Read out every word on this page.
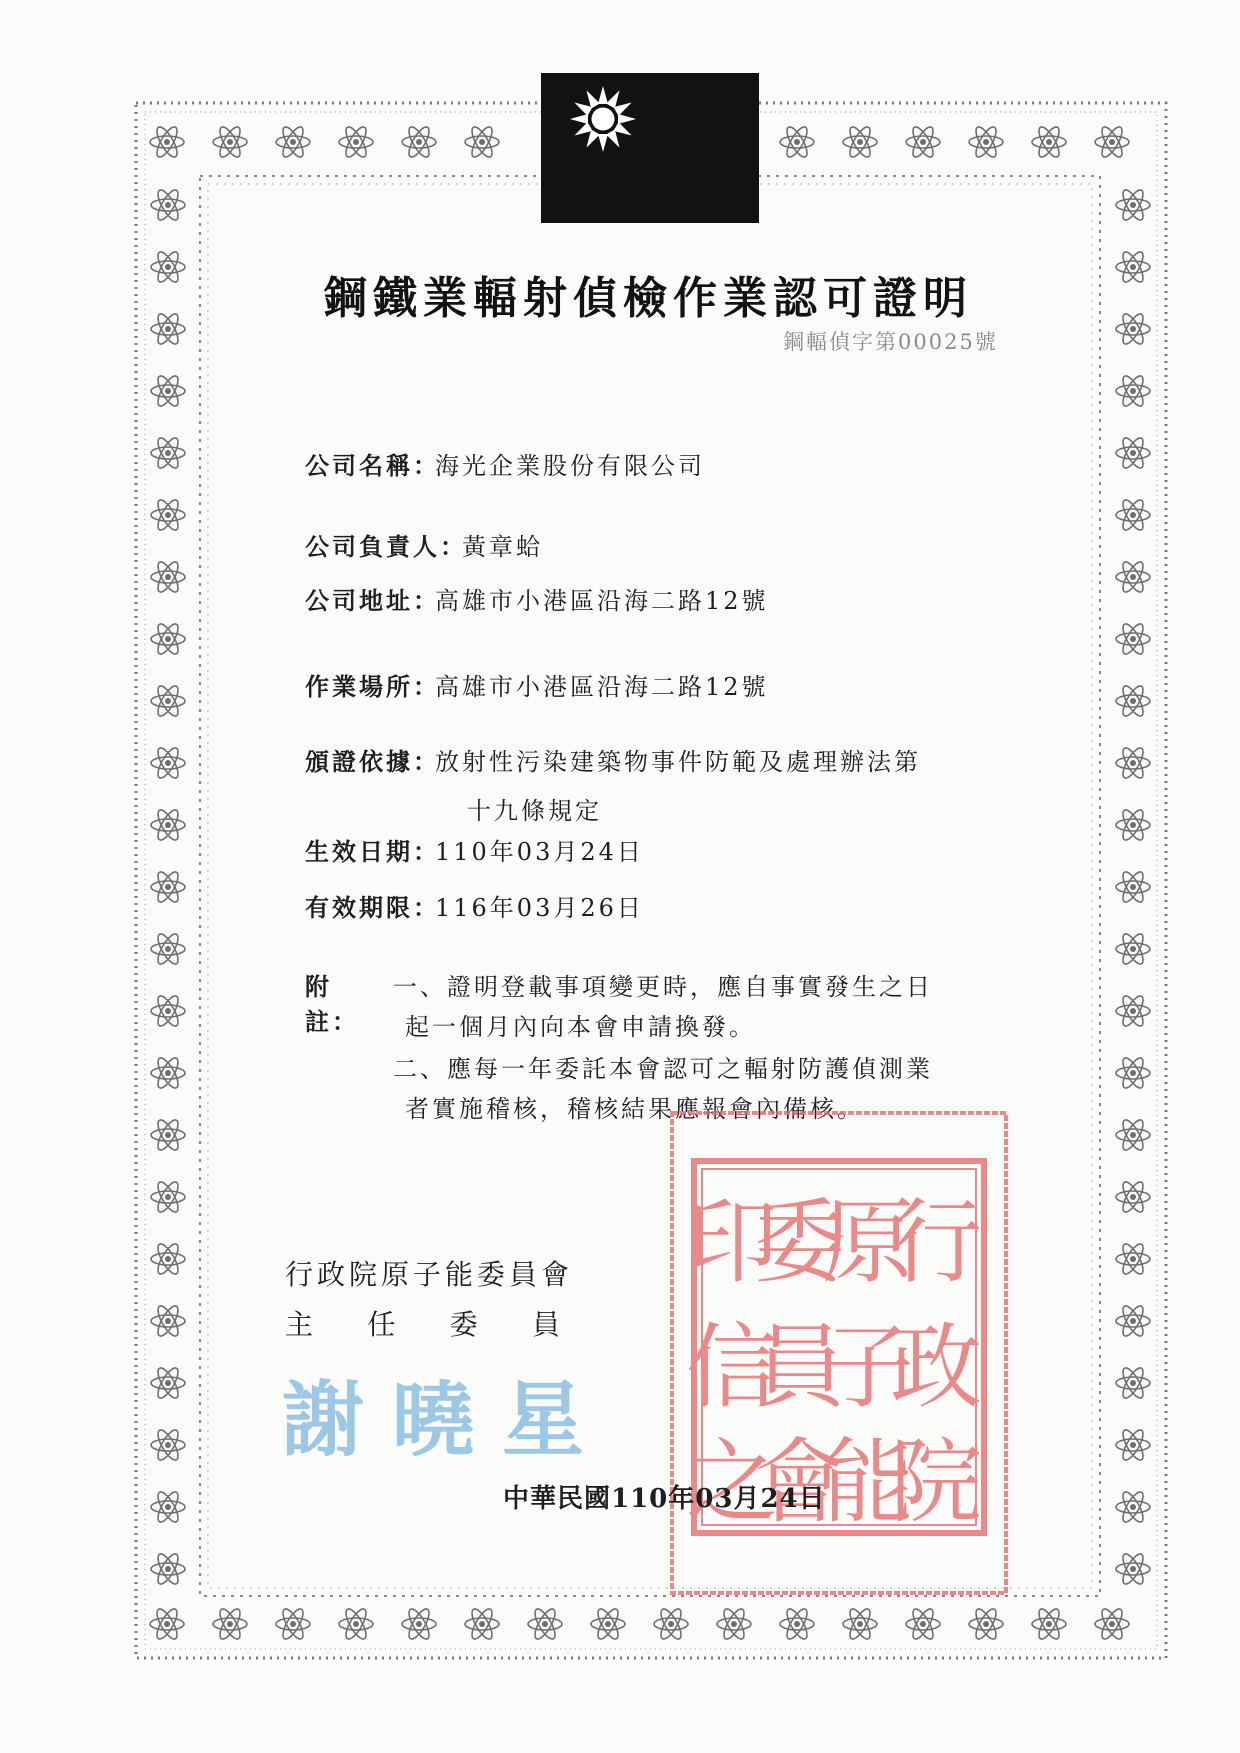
鋼鐵業輻射偵檢作業認可證明
鋼輻偵字第00025號
公司名稱：海光企業股份有限公司
公司負責人：黃章蛤
公司地址：高雄市小港區沿海二路12號
作業場所：高雄市小港區沿海二路12號
頒證依據：放射性污染建築物事件防範及處理辦法第
十九條規定
生效日期：110年03月24日
有效期限：116年03月26日
附註：
一、證明登載事項變更時，應自事實發生之日
起一個月內向本會申請換發。
二、應每一年委託本會認可之輻射防護偵測業
者實施稽核，稽核結果應報會內備核。
行
政
院
原
子
能
委
員
會
印
信
之
行政院原子能委員會
主 任 委 員
謝曉星
中華民國110年03月24日
